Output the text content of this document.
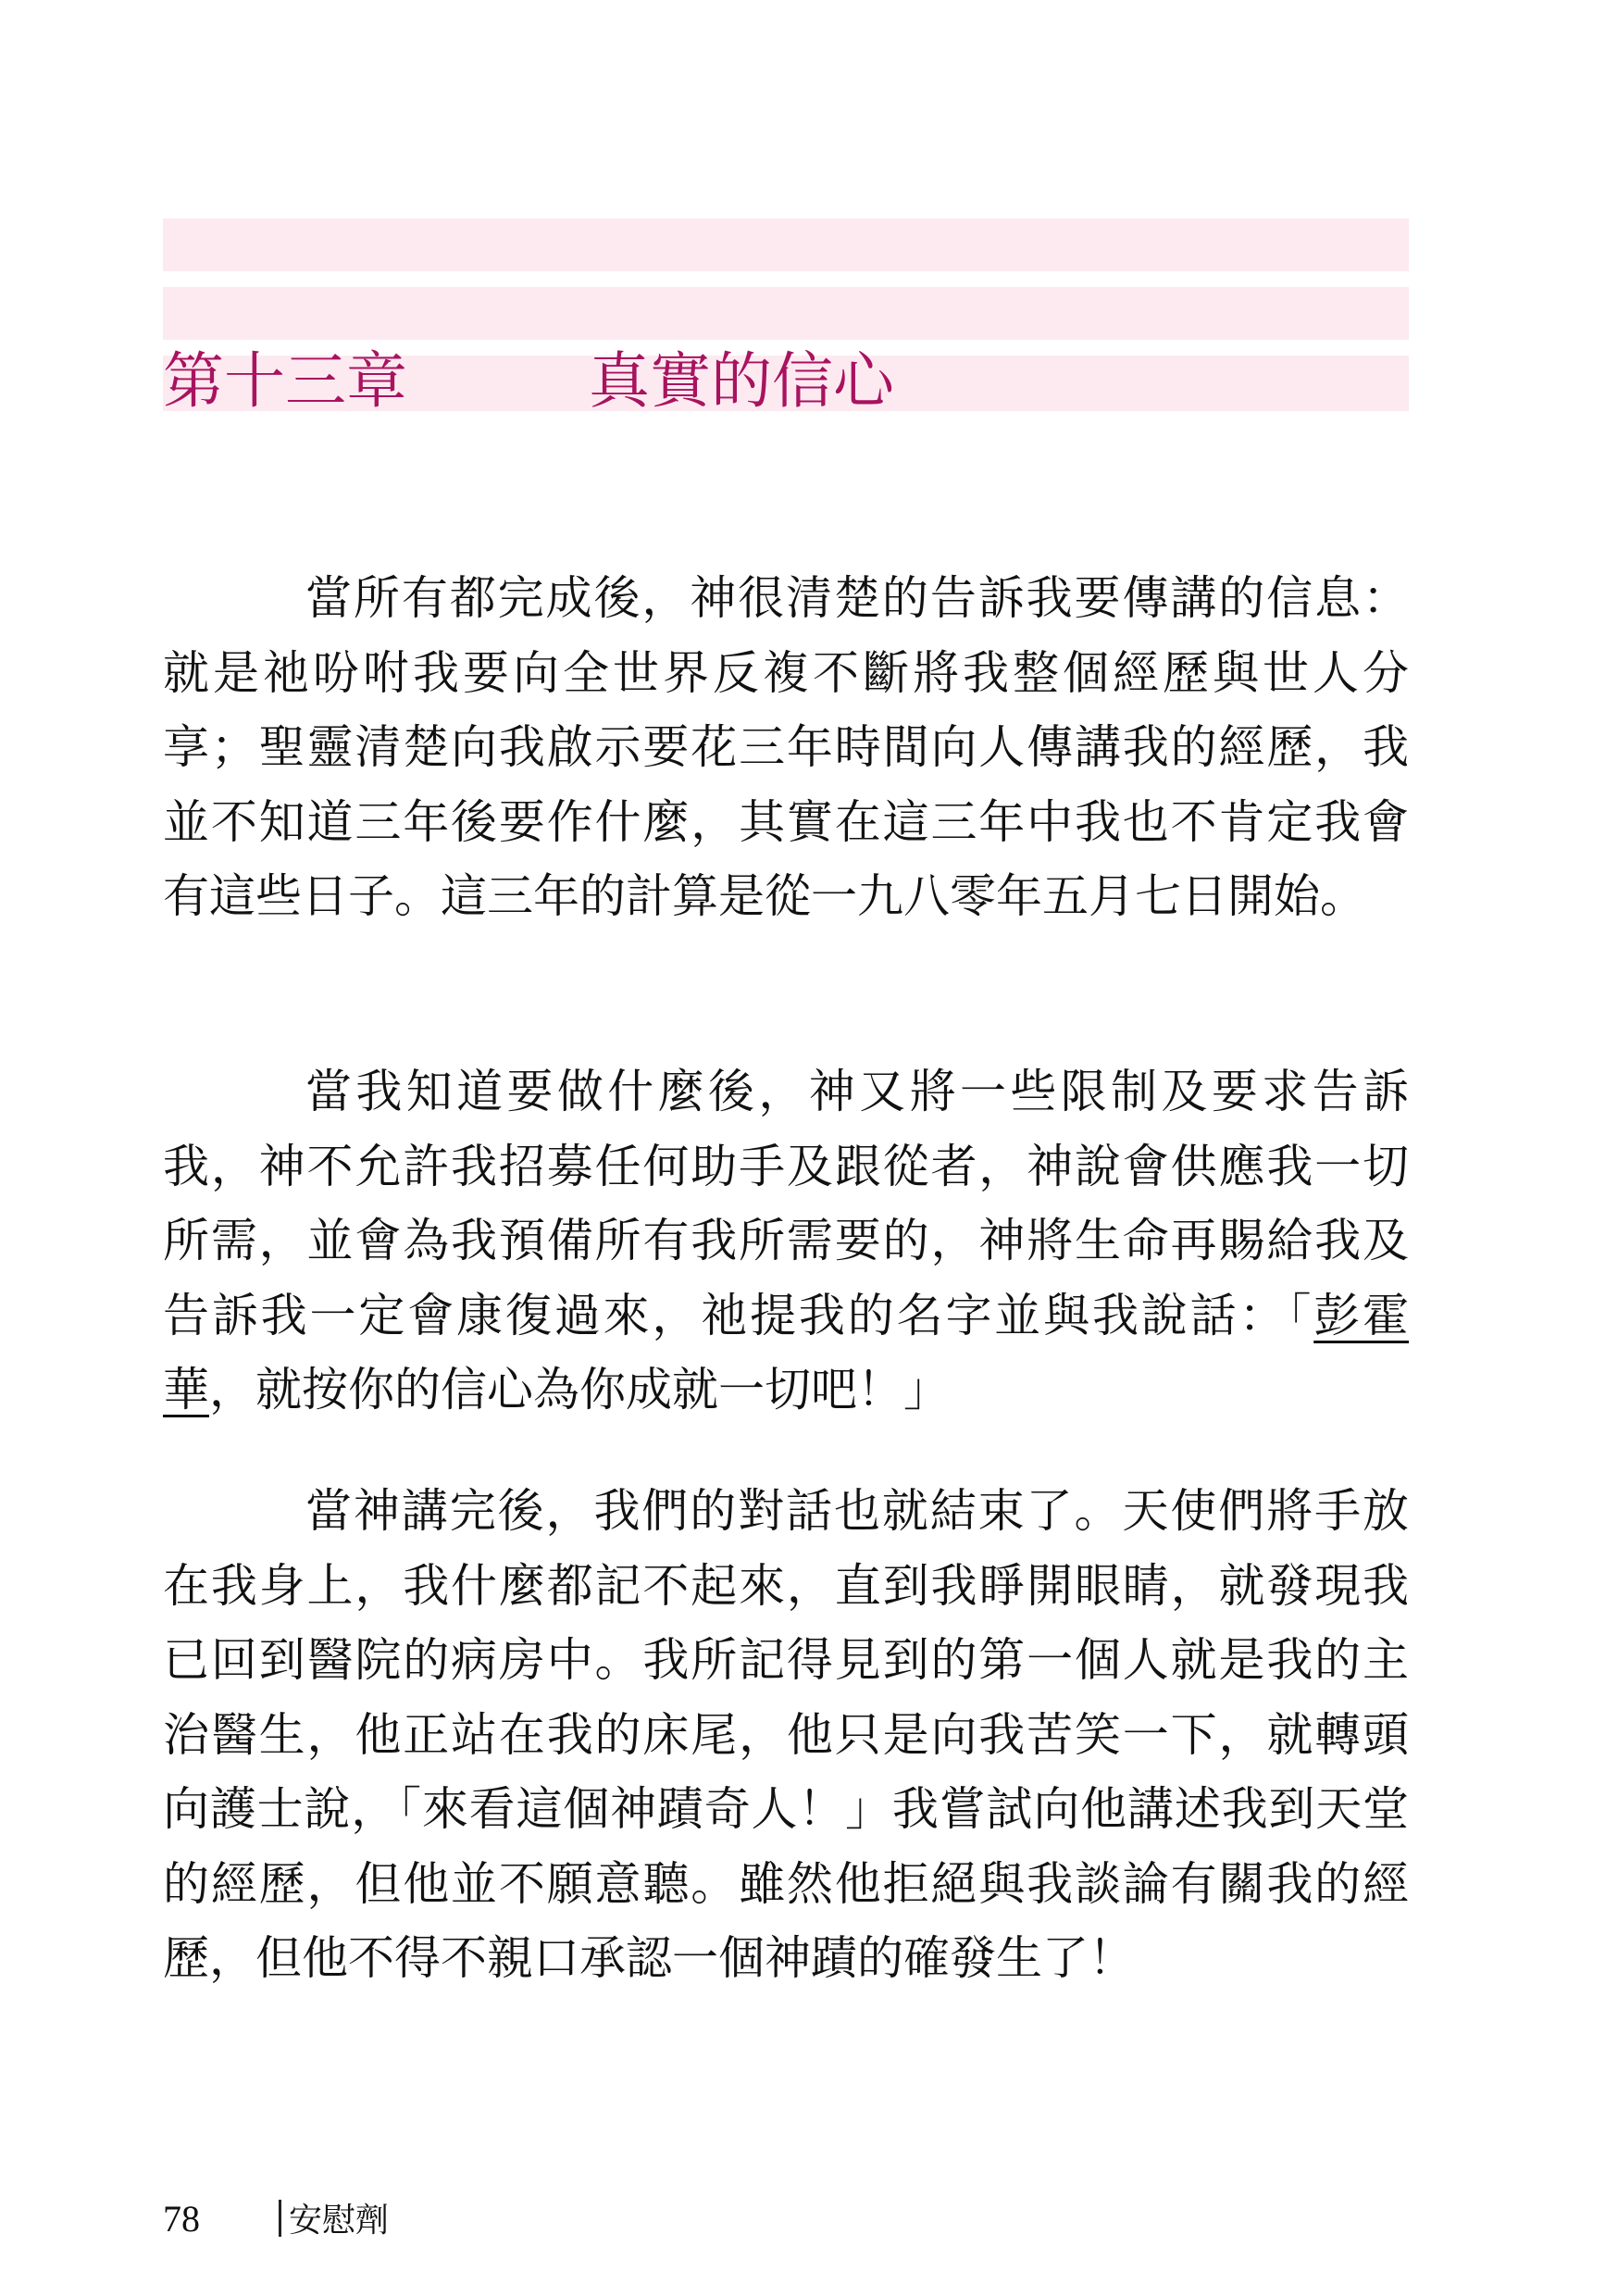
第十三章	真實的信心

當所有都完成後，神很清楚的告訴我要傳講的信息：就是祂吩咐我要向全世界反複不斷將我整個經歷與世人分享；聖靈清楚向我啟示要花三年時間向人傳講我的經歷，我並不知道三年後要作什麼，其實在這三年中我也不肯定我會有這些日子。這三年的計算是從一九八零年五月七日開始。

當我知道要做什麼後，神又將一些限制及要求告訴我，神不允許我招募任何助手及跟從者，神說會供應我一切所需，並會為我預備所有我所需要的，神將生命再賜給我及告訴我一定會康復過來，祂提我的名字並與我說話：「彭霍華，就按你的信心為你成就一切吧！」

當神講完後，我們的對話也就結束了。天使們將手放在我身上，我什麼都記不起來，直到我睜開眼睛，就發現我已回到醫院的病房中。我所記得見到的第一個人就是我的主治醫生，他正站在我的床尾，他只是向我苦笑一下，就轉頭向護士說，「來看這個神蹟奇人！」我嘗試向他講述我到天堂的經歷，但他並不願意聽。雖然他拒絕與我談論有關我的經歷，但他不得不親口承認一個神蹟的確發生了！

78	安慰劑
